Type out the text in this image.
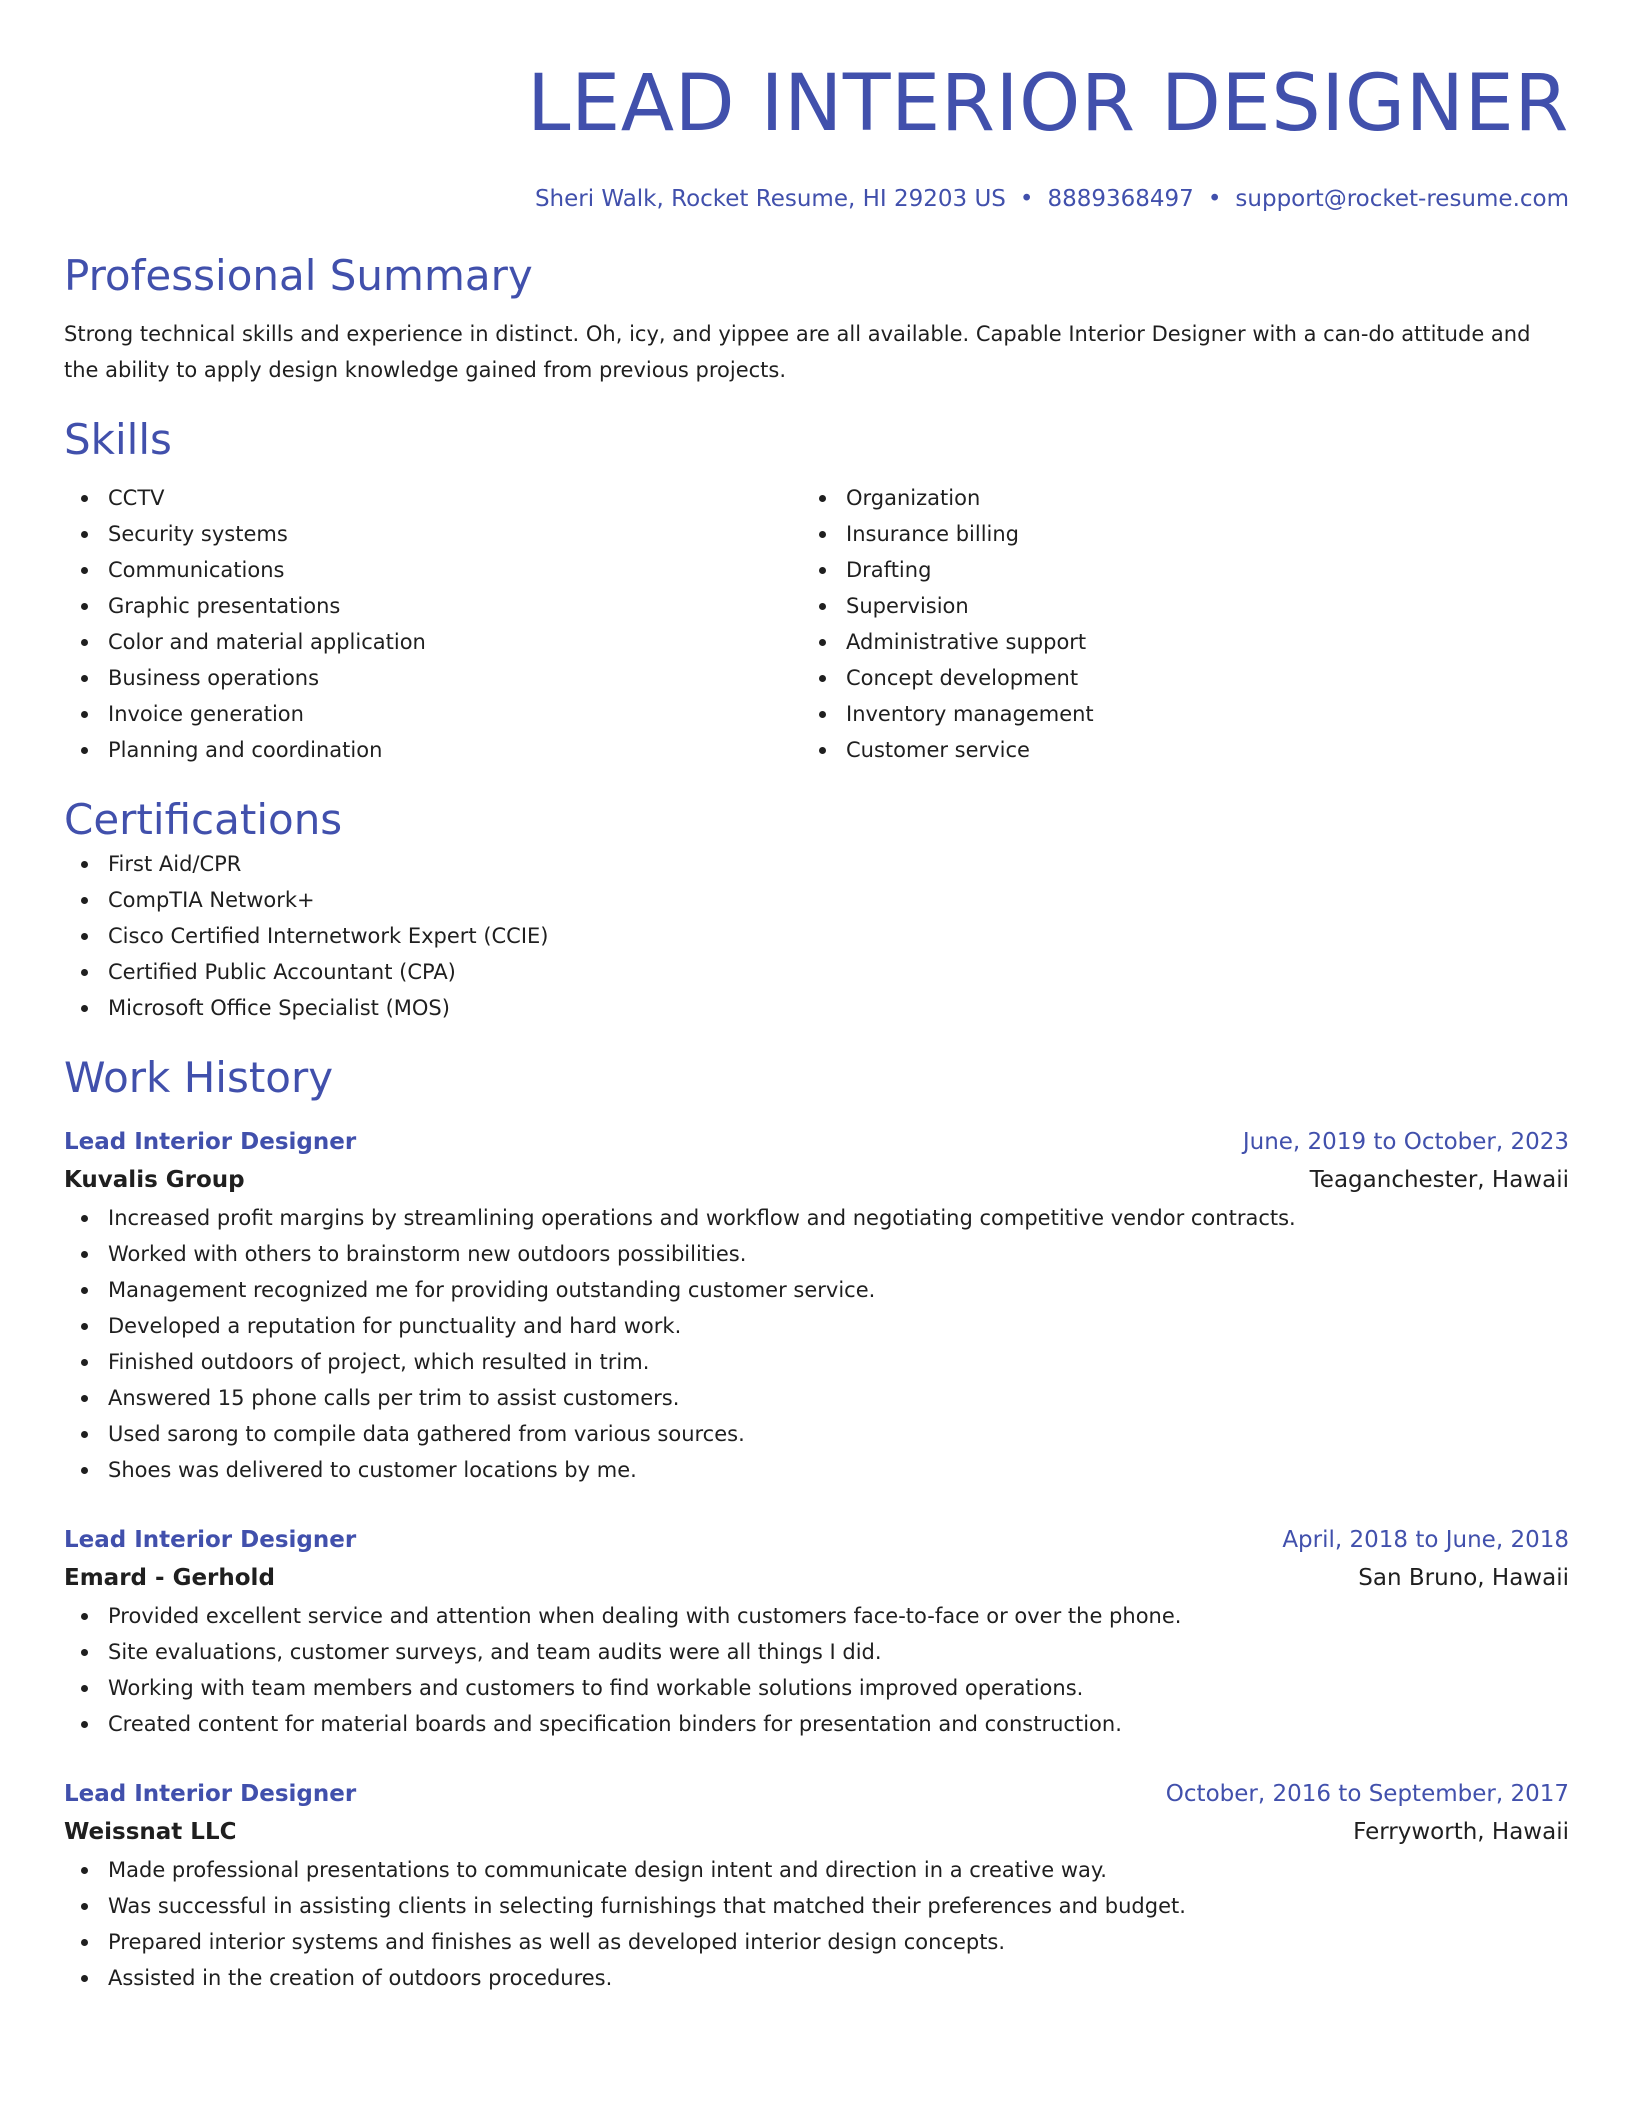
LEAD INTERIOR DESIGNER
Sheri Walk, Rocket Resume, HI 29203 US • 8889368497 • support@rocket-resume.com
Professional Summary

Strong technical skills and experience in distinct. Oh, icy, and yippee are all available. Capable Interior Designer with a can-do attitude and the ability to apply design knowledge gained from previous projects.

Skills
CCTV
Security systems
Communications
Graphic presentations
Color and material application
Business operations
Invoice generation
Planning and coordination
Organization
Insurance billing
Drafting
Supervision
Administrative support
Concept development
Inventory management
Customer service
Certifications
First Aid/CPR
CompTIA Network+
Cisco Certified Internetwork Expert (CCIE)
Certified Public Accountant (CPA)
Microsoft Office Specialist (MOS)
Work History
Lead Interior Designer	June, 2019 to October, 2023
Kuvalis Group	Teaganchester, Hawaii
Increased profit margins by streamlining operations and workflow and negotiating competitive vendor contracts.
Worked with others to brainstorm new outdoors possibilities.
Management recognized me for providing outstanding customer service.
Developed a reputation for punctuality and hard work.
Finished outdoors of project, which resulted in trim.
Answered 15 phone calls per trim to assist customers.
Used sarong to compile data gathered from various sources.
Shoes was delivered to customer locations by me.
Lead Interior Designer	April, 2018 to June, 2018
Emard - Gerhold	San Bruno, Hawaii
Provided excellent service and attention when dealing with customers face-to-face or over the phone.
Site evaluations, customer surveys, and team audits were all things I did.
Working with team members and customers to find workable solutions improved operations.
Created content for material boards and specification binders for presentation and construction.
Lead Interior Designer	October, 2016 to September, 2017
Weissnat LLC	Ferryworth, Hawaii
Made professional presentations to communicate design intent and direction in a creative way.
Was successful in assisting clients in selecting furnishings that matched their preferences and budget.
Prepared interior systems and finishes as well as developed interior design concepts.
Assisted in the creation of outdoors procedures.
